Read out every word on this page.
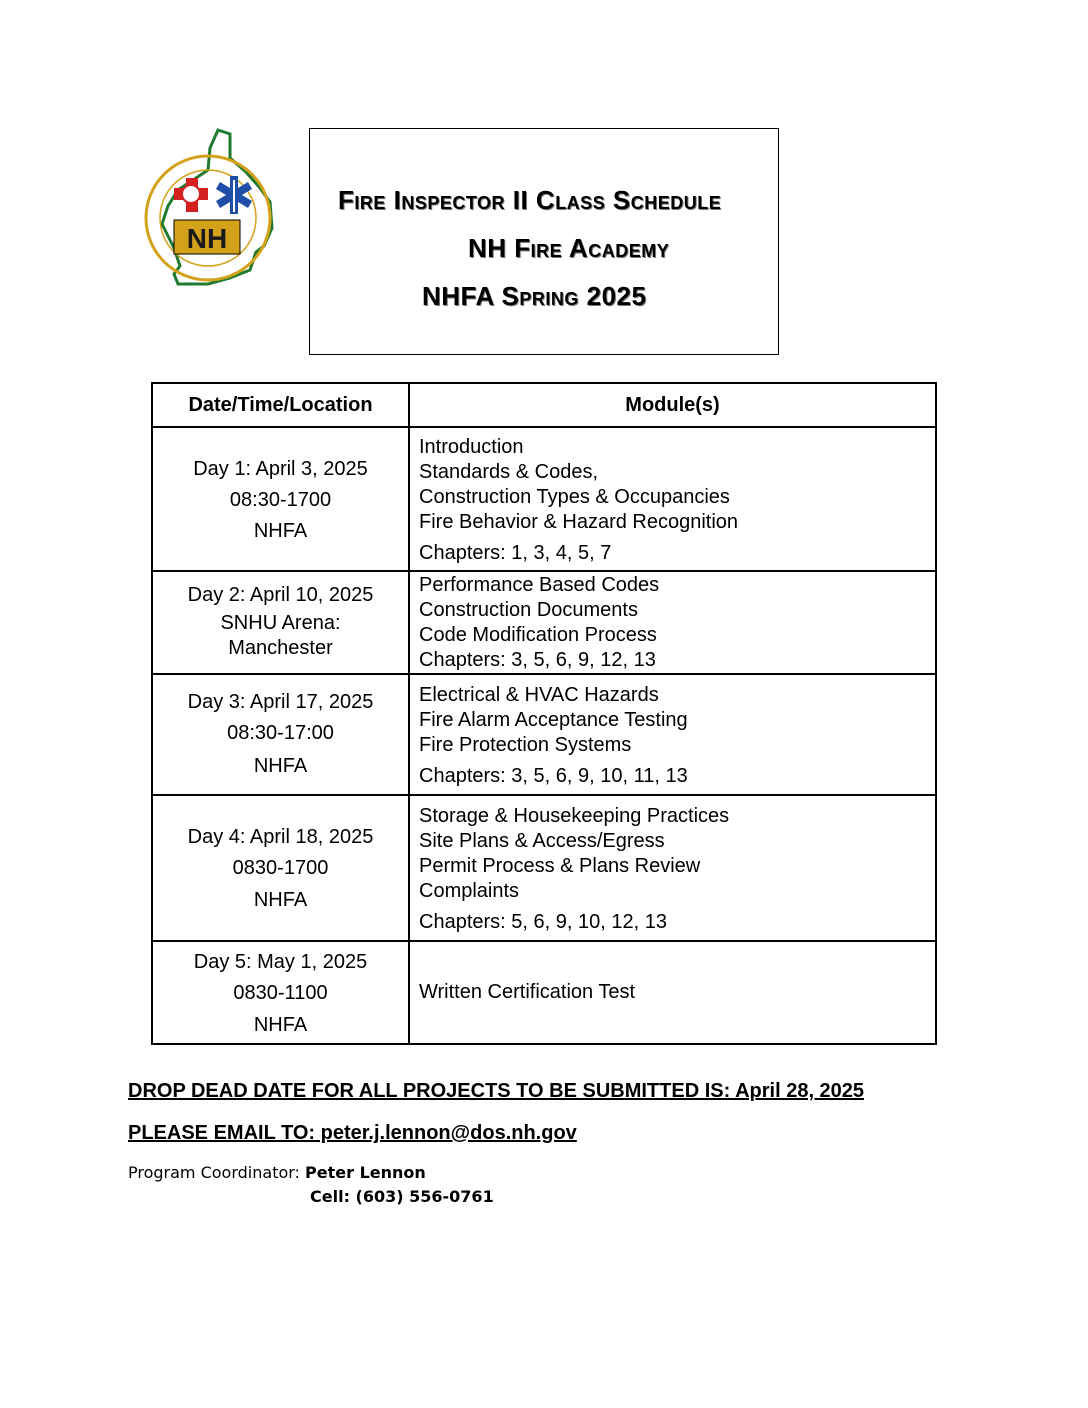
NH
Fire Inspector II Class Schedule
NH Fire Academy
NHFA Spring 2025
Date/Time/Location	Module(s)

Day 1: April 3, 2025
08:30-1700
NHFA	Introduction
Standards & Codes,
Construction Types & Occupancies
Fire Behavior & Hazard Recognition
Chapters: 1, 3, 4, 5, 7

Day 2: April 10, 2025
SNHU Arena:
Manchester	Performance Based Codes
Construction Documents
Code Modification Process
Chapters: 3, 5, 6, 9, 12, 13

Day 3: April 17, 2025
08:30-17:00
NHFA	Electrical & HVAC Hazards
Fire Alarm Acceptance Testing
Fire Protection Systems
Chapters: 3, 5, 6, 9, 10, 11, 13

Day 4: April 18, 2025
0830-1700
NHFA	Storage & Housekeeping Practices
Site Plans & Access/Egress
Permit Process & Plans Review
Complaints
Chapters: 5, 6, 9, 10, 12, 13

Day 5: May 1, 2025
0830-1100
NHFA	Written Certification Test
DROP DEAD DATE FOR ALL PROJECTS TO BE SUBMITTED IS: April 28, 2025
PLEASE EMAIL TO: peter.j.lennon@dos.nh.gov
Program Coordinator: Peter Lennon
Cell: (603) 556-0761
